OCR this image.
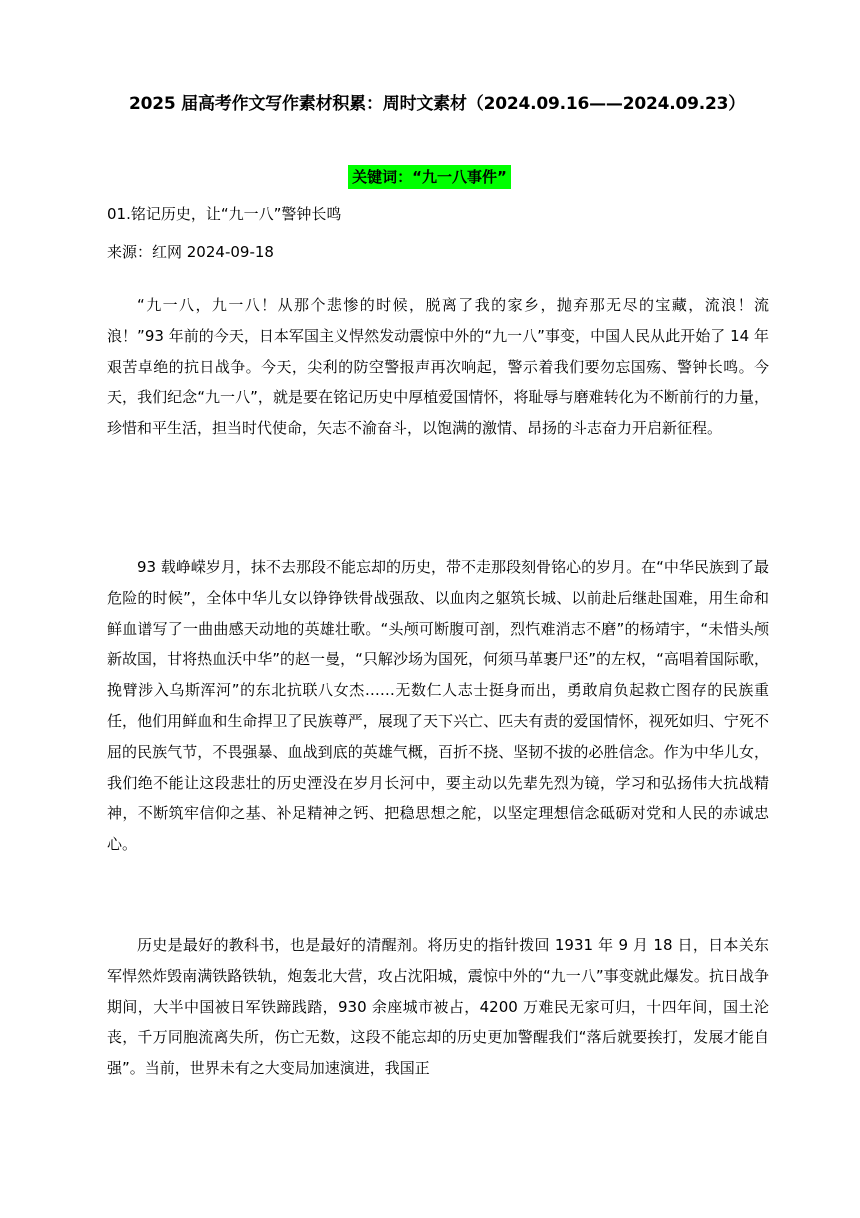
2025 届高考作文写作素材积累：周时文素材（2024.09.16——2024.09.23）
关键词：“九一八事件”
01.铭记历史，让“九一八”警钟长鸣
来源：红网 2024-09-18

“九一八，九一八！从那个悲惨的时候，脱离了我的家乡，抛弃那无尽的宝藏，流浪！流浪！”93 年前的今天，日本军国主义悍然发动震惊中外的“九一八”事变，中国人民从此开始了 14 年艰苦卓绝的抗日战争。今天，尖利的防空警报声再次响起，警示着我们要勿忘国殇、警钟长鸣。今天，我们纪念“九一八”，就是要在铭记历史中厚植爱国情怀，将耻辱与磨难转化为不断前行的力量，珍惜和平生活，担当时代使命，矢志不渝奋斗，以饱满的激情、昂扬的斗志奋力开启新征程。

93 载峥嵘岁月，抹不去那段不能忘却的历史，带不走那段刻骨铭心的岁月。在“中华民族到了最危险的时候”，全体中华儿女以铮铮铁骨战强敌、以血肉之躯筑长城、以前赴后继赴国难，用生命和鲜血谱写了一曲曲感天动地的英雄壮歌。“头颅可断腹可剖，烈忾难消志不磨”的杨靖宇，“未惜头颅新故国，甘将热血沃中华”的赵一曼，“只解沙场为国死，何须马革裹尸还”的左权，“高唱着国际歌，挽臂涉入乌斯浑河”的东北抗联八女杰……无数仁人志士挺身而出，勇敢肩负起救亡图存的民族重任，他们用鲜血和生命捍卫了民族尊严，展现了天下兴亡、匹夫有责的爱国情怀，视死如归、宁死不屈的民族气节，不畏强暴、血战到底的英雄气概，百折不挠、坚韧不拔的必胜信念。作为中华儿女，我们绝不能让这段悲壮的历史湮没在岁月长河中，要主动以先辈先烈为镜，学习和弘扬伟大抗战精神，不断筑牢信仰之基、补足精神之钙、把稳思想之舵，以坚定理想信念砥砺对党和人民的赤诚忠心。

历史是最好的教科书，也是最好的清醒剂。将历史的指针拨回 1931 年 9 月 18 日，日本关东军悍然炸毁南满铁路铁轨，炮轰北大营，攻占沈阳城，震惊中外的“九一八”事变就此爆发。抗日战争期间，大半中国被日军铁蹄践踏，930 余座城市被占，4200 万难民无家可归，十四年间，国土沦丧，千万同胞流离失所，伤亡无数，这段不能忘却的历史更加警醒我们“落后就要挨打，发展才能自强”。当前，世界未有之大变局加速演进，我国正
